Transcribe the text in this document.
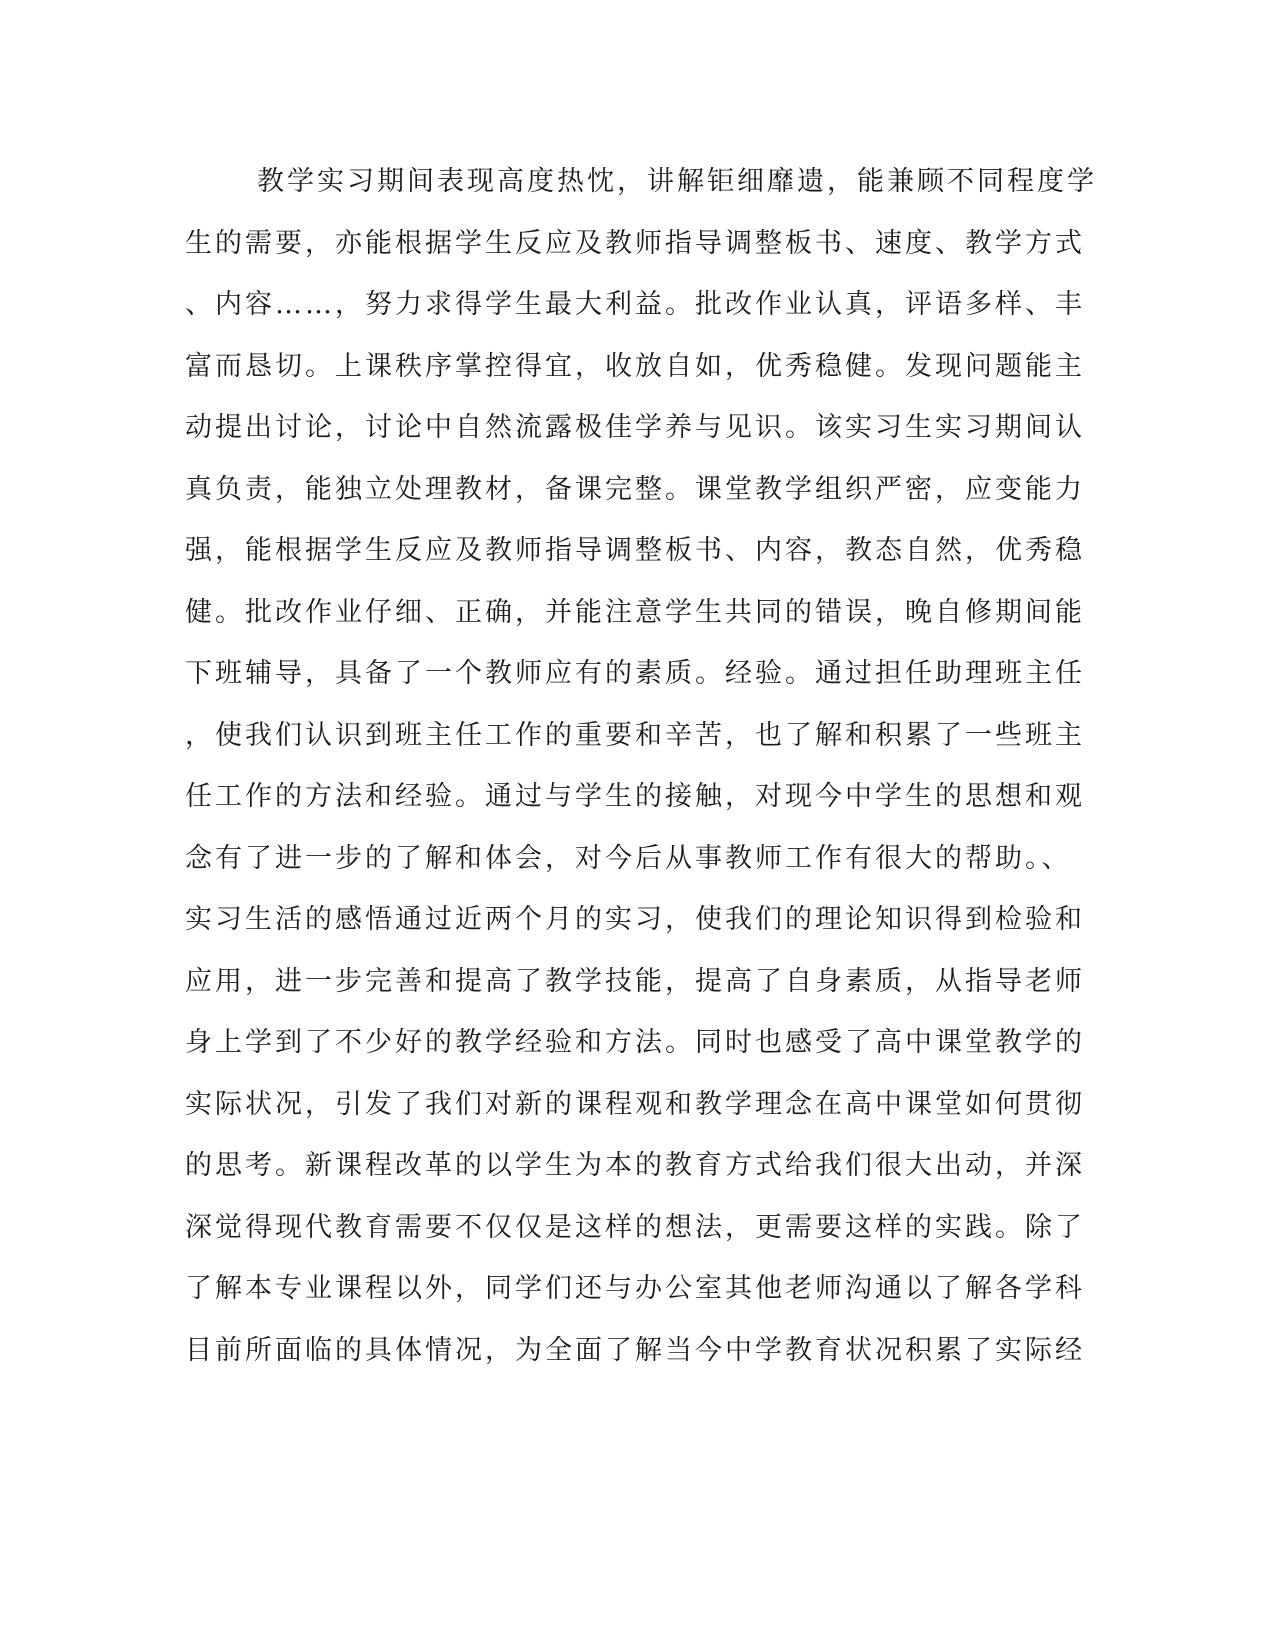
教学实习期间表现高度热忱，讲解钜细靡遗，能兼顾不同程度学
生的需要，亦能根据学生反应及教师指导调整板书、速度、教学方式
、内容……，努力求得学生最大利益。批改作业认真，评语多样、丰
富而恳切。上课秩序掌控得宜，收放自如，优秀稳健。发现问题能主
动提出讨论，讨论中自然流露极佳学养与见识。该实习生实习期间认
真负责，能独立处理教材，备课完整。课堂教学组织严密，应变能力
强，能根据学生反应及教师指导调整板书、内容，教态自然，优秀稳
健。批改作业仔细、正确，并能注意学生共同的错误，晚自修期间能
下班辅导，具备了一个教师应有的素质。经验。通过担任助理班主任
，使我们认识到班主任工作的重要和辛苦，也了解和积累了一些班主
任工作的方法和经验。通过与学生的接触，对现今中学生的思想和观
念有了进一步的了解和体会，对今后从事教师工作有很大的帮助。、
实习生活的感悟通过近两个月的实习，使我们的理论知识得到检验和
应用，进一步完善和提高了教学技能，提高了自身素质，从指导老师
身上学到了不少好的教学经验和方法。同时也感受了高中课堂教学的
实际状况，引发了我们对新的课程观和教学理念在高中课堂如何贯彻
的思考。新课程改革的以学生为本的教育方式给我们很大出动，并深
深觉得现代教育需要不仅仅是这样的想法，更需要这样的实践。除了
了解本专业课程以外，同学们还与办公室其他老师沟通以了解各学科
目前所面临的具体情况，为全面了解当今中学教育状况积累了实际经
